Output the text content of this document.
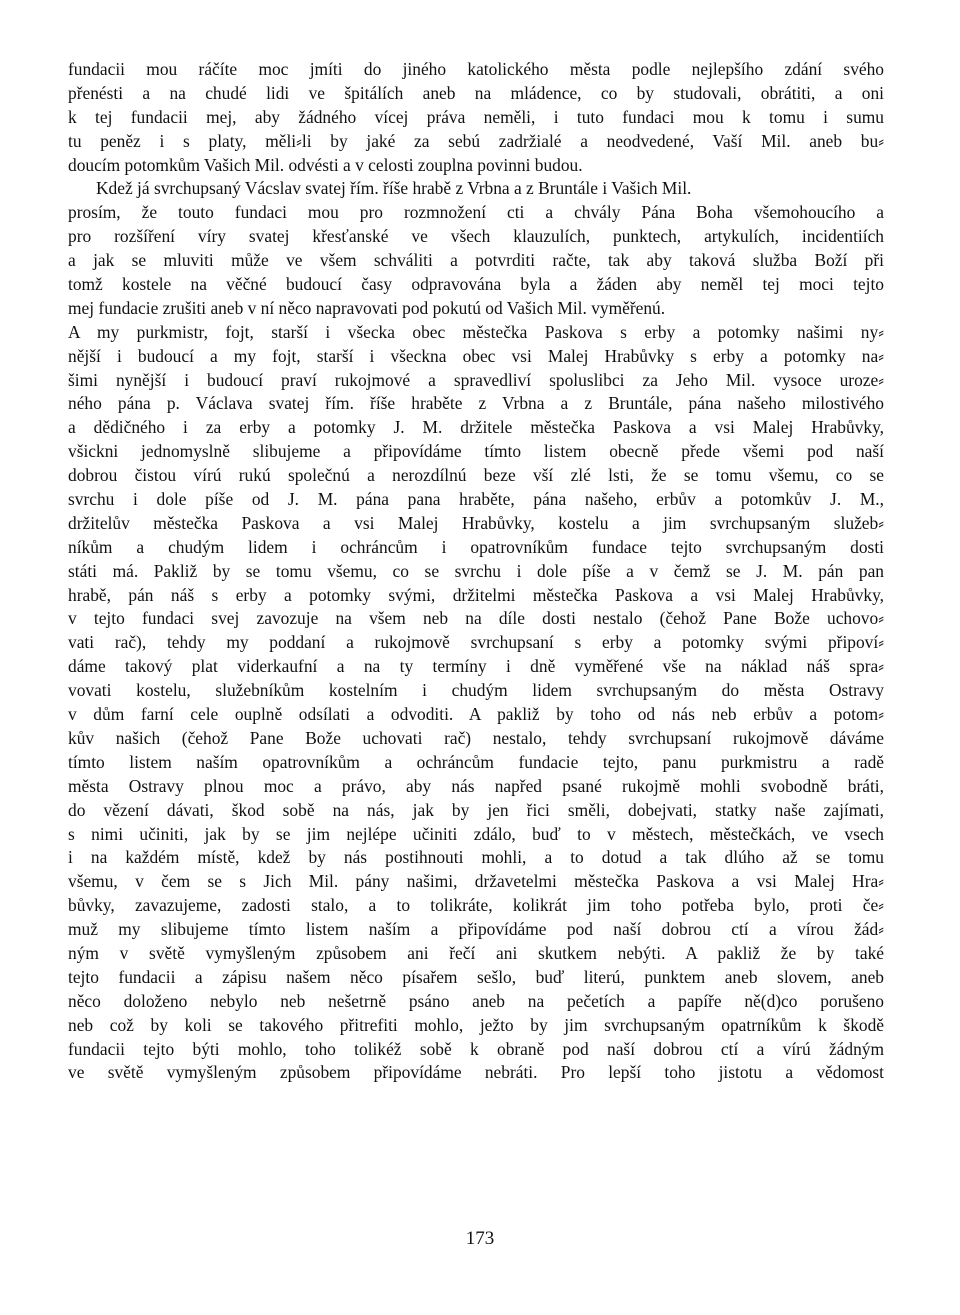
fundacii mou ráčíte moc jmíti do jiného katolického města podle nejlepšího zdání svého
přenésti a na chudé lidi ve špitálích aneb na mládence, co by studovali, obrátiti, a oni
k tej fundacii mej, aby žádného vícej práva neměli, i tuto fundaci mou k tomu i sumu
tu peněz i s platy, měli⸗li by jaké za sebú zadržialé a neodvedené, Vaší Mil. aneb bu⸗
doucím potomkům Vašich Mil. odvésti a v celosti zouplna povinni budou.
Kdež já svrchupsaný Vácslav svatej řím. říše hrabě z Vrbna a z Bruntále i Vašich Mil.
prosím, že touto fundaci mou pro rozmnožení cti a chvály Pána Boha všemohoucího a
pro rozšíření víry svatej křesťanské ve všech klauzulích, punktech, artykulích, incidentiích
a jak se mluviti může ve všem schváliti a potvrditi račte, tak aby taková služba Boží při
tomž kostele na věčné budoucí časy odpravována byla a žáden aby neměl tej moci tejto
mej fundacie zrušiti aneb v ní něco napravovati pod pokutú od Vašich Mil. vyměřenú.
A my purkmistr, fojt, starší i všecka obec městečka Paskova s erby a potomky našimi ny⸗
nější i budoucí a my fojt, starší i všeckna obec vsi Malej Hrabůvky s erby a potomky na⸗
šimi nynější i budoucí praví rukojmové a spravedliví spoluslibci za Jeho Mil. vysoce uroze⸗
ného pána p. Václava svatej řím. říše hraběte z Vrbna a z Bruntále, pána našeho milostivého
a dědičného i za erby a potomky J. M. držitele městečka Paskova a vsi Malej Hrabůvky,
všickni jednomyslně slibujeme a připovídáme tímto listem obecně přede všemi pod naší
dobrou čistou vírú rukú společnú a nerozdílnú beze vší zlé lsti, že se tomu všemu, co se
svrchu i dole píše od J. M. pána pana hraběte, pána našeho, erbův a potomkův J. M.,
držitelův městečka Paskova a vsi Malej Hrabůvky, kostelu a jim svrchupsaným služeb⸗
níkům a chudým lidem i ochráncům i opatrovníkům fundace tejto svrchupsaným dosti
státi má. Pakliž by se tomu všemu, co se svrchu i dole píše a v čemž se J. M. pán pan
hrabě, pán náš s erby a potomky svými, držitelmi městečka Paskova a vsi Malej Hrabůvky,
v tejto fundaci svej zavozuje na všem neb na díle dosti nestalo (čehož Pane Bože uchovo⸗
vati rač), tehdy my poddaní a rukojmově svrchupsaní s erby a potomky svými připoví⸗
dáme takový plat viderkaufní a na ty termíny i dně vyměřené vše na náklad náš spra⸗
vovati kostelu, služebníkům kostelním i chudým lidem svrchupsaným do města Ostravy
v dům farní cele ouplně odsílati a odvoditi. A pakliž by toho od nás neb erbův a potom⸗
kův našich (čehož Pane Bože uchovati rač) nestalo, tehdy svrchupsaní rukojmově dáváme
tímto listem naším opatrovníkům a ochráncům fundacie tejto, panu purkmistru a radě
města Ostravy plnou moc a právo, aby nás napřed psané rukojmě mohli svobodně bráti,
do vězení dávati, škod sobě na nás, jak by jen řici směli, dobejvati, statky naše zajímati,
s nimi učiniti, jak by se jim nejlépe učiniti zdálo, buď to v městech, městečkách, ve vsech
i na každém místě, kdež by nás postihnouti mohli, a to dotud a tak dlúho až se tomu
všemu, v čem se s Jich Mil. pány našimi, državetelmi městečka Paskova a vsi Malej Hra⸗
bůvky, zavazujeme, zadosti stalo, a to tolikráte, kolikrát jim toho potřeba bylo, proti če⸗
muž my slibujeme tímto listem naším a připovídáme pod naší dobrou ctí a vírou žád⸗
ným v světě vymyšleným způsobem ani řečí ani skutkem nebýti. A pakliž že by také
tejto fundacii a zápisu našem něco písařem sešlo, buď literú, punktem aneb slovem, aneb
něco doloženo nebylo neb nešetrně psáno aneb na pečetích a papíře ně(d)co porušeno
neb což by koli se takového přitrefiti mohlo, ježto by jim svrchupsaným opatrníkům k škodě
fundacii tejto býti mohlo, toho tolikéž sobě k obraně pod naší dobrou ctí a vírú žádným
ve světě vymyšleným způsobem připovídáme nebráti. Pro lepší toho jistotu a vědomost
173
